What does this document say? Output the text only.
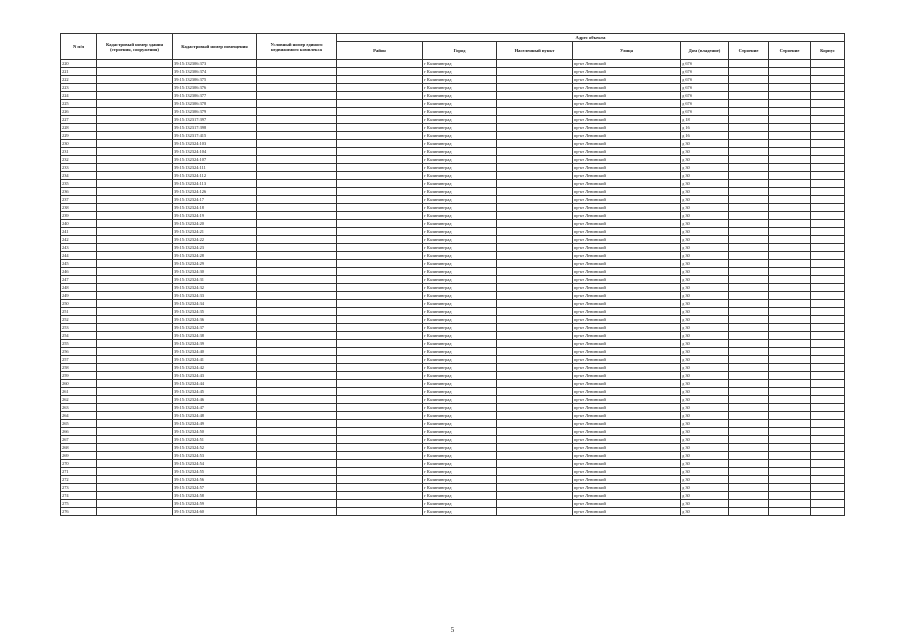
N п/п	Кадастровый номер здания (строения, сооружения)	Кадастровый номер помещения	Условный номер единого недвижимого комплекса	Адрес объекта							
				Район	Город	Населенный пункт	Улица	Дом (владение)	Строение	Строение	Корпус
220		39:15:132306:373			г Калининград		пр-кт Ленинский	д 67б			
221		39:15:132306:374			г Калининград		пр-кт Ленинский	д 67б			
222		39:15:132306:375			г Калининград		пр-кт Ленинский	д 67б			
223		39:15:132306:376			г Калининград		пр-кт Ленинский	д 67б			
224		39:15:132306:377			г Калининград		пр-кт Ленинский	д 67б			
225		39:15:132306:378			г Калининград		пр-кт Ленинский	д 67б			
226		39:15:132306:379			г Калининград		пр-кт Ленинский	д 67б			
227		39:15:132317:397			г Калининград		пр-кт Ленинский	д 18			
228		39:15:132317:398			г Калининград		пр-кт Ленинский	д 16			
229		39:15:132317:415			г Калининград		пр-кт Ленинский	д 16			
230		39:15:132324:103			г Калининград		пр-кт Ленинский	д 30			
231		39:15:132324:104			г Калининград		пр-кт Ленинский	д 30			
232		39:15:132324:107			г Калининград		пр-кт Ленинский	д 30			
233		39:15:132324:111			г Калининград		пр-кт Ленинский	д 30			
234		39:15:132324:112			г Калининград		пр-кт Ленинский	д 30			
235		39:15:132324:113			г Калининград		пр-кт Ленинский	д 30			
236		39:15:132324:126			г Калининград		пр-кт Ленинский	д 30			
237		39:15:132324:17			г Калининград		пр-кт Ленинский	д 30			
238		39:15:132324:18			г Калининград		пр-кт Ленинский	д 30			
239		39:15:132324:19			г Калининград		пр-кт Ленинский	д 30			
240		39:15:132324:20			г Калининград		пр-кт Ленинский	д 30			
241		39:15:132324:21			г Калининград		пр-кт Ленинский	д 30			
242		39:15:132324:22			г Калининград		пр-кт Ленинский	д 30			
243		39:15:132324:23			г Калининград		пр-кт Ленинский	д 30			
244		39:15:132324:28			г Калининград		пр-кт Ленинский	д 30			
245		39:15:132324:29			г Калининград		пр-кт Ленинский	д 30			
246		39:15:132324:30			г Калининград		пр-кт Ленинский	д 30			
247		39:15:132324:31			г Калининград		пр-кт Ленинский	д 30			
248		39:15:132324:32			г Калининград		пр-кт Ленинский	д 30			
249		39:15:132324:33			г Калининград		пр-кт Ленинский	д 30			
250		39:15:132324:34			г Калининград		пр-кт Ленинский	д 30			
251		39:15:132324:35			г Калининград		пр-кт Ленинский	д 30			
252		39:15:132324:36			г Калининград		пр-кт Ленинский	д 30			
253		39:15:132324:37			г Калининград		пр-кт Ленинский	д 30			
254		39:15:132324:38			г Калининград		пр-кт Ленинский	д 30			
255		39:15:132324:39			г Калининград		пр-кт Ленинский	д 30			
256		39:15:132324:40			г Калининград		пр-кт Ленинский	д 30			
257		39:15:132324:41			г Калининград		пр-кт Ленинский	д 30			
258		39:15:132324:42			г Калининград		пр-кт Ленинский	д 30			
259		39:15:132324:43			г Калининград		пр-кт Ленинский	д 30			
260		39:15:132324:44			г Калининград		пр-кт Ленинский	д 30			
261		39:15:132324:45			г Калининград		пр-кт Ленинский	д 30			
262		39:15:132324:46			г Калининград		пр-кт Ленинский	д 30			
263		39:15:132324:47			г Калининград		пр-кт Ленинский	д 30			
264		39:15:132324:48			г Калининград		пр-кт Ленинский	д 30			
265		39:15:132324:49			г Калининград		пр-кт Ленинский	д 30			
266		39:15:132324:50			г Калининград		пр-кт Ленинский	д 30			
267		39:15:132324:51			г Калининград		пр-кт Ленинский	д 30			
268		39:15:132324:52			г Калининград		пр-кт Ленинский	д 30			
269		39:15:132324:53			г Калининград		пр-кт Ленинский	д 30			
270		39:15:132324:54			г Калининград		пр-кт Ленинский	д 30			
271		39:15:132324:55			г Калининград		пр-кт Ленинский	д 30			
272		39:15:132324:56			г Калининград		пр-кт Ленинский	д 30			
273		39:15:132324:57			г Калининград		пр-кт Ленинский	д 30			
274		39:15:132324:58			г Калининград		пр-кт Ленинский	д 30			
275		39:15:132324:59			г Калининград		пр-кт Ленинский	д 30			
276		39:15:132324:60			г Калининград		пр-кт Ленинский	д 30			
5
